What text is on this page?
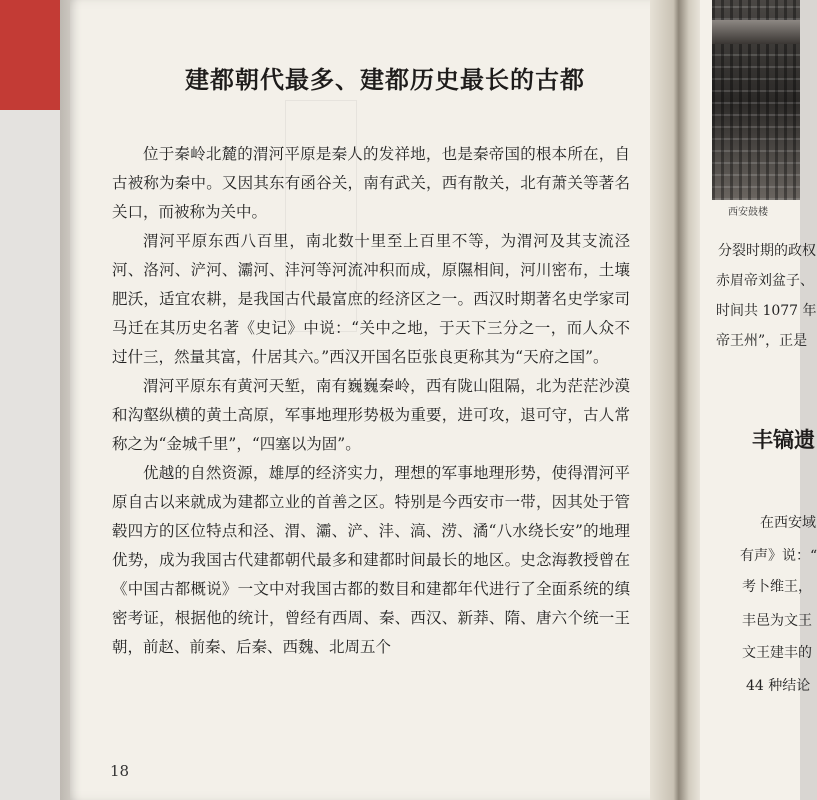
建都朝代最多、建都历史最长的古都

位于秦岭北麓的渭河平原是秦人的发祥地，也是秦帝国的根本所在，自古被称为秦中。又因其东有函谷关，南有武关，西有散关，北有萧关等著名关口，而被称为关中。

渭河平原东西八百里，南北数十里至上百里不等，为渭河及其支流泾河、洛河、浐河、灞河、沣河等河流冲积而成，原隰相间，河川密布，土壤肥沃，适宜农耕，是我国古代最富庶的经济区之一。西汉时期著名史学家司马迁在其历史名著《史记》中说：“关中之地，于天下三分之一，而人众不过什三，然量其富，什居其六。”西汉开国名臣张良更称其为“天府之国”。

渭河平原东有黄河天堑，南有巍巍秦岭，西有陇山阻隔，北为茫茫沙漠和沟壑纵横的黄土高原，军事地理形势极为重要，进可攻，退可守，古人常称之为“金城千里”，“四塞以为固”。

优越的自然资源，雄厚的经济实力，理想的军事地理形势，使得渭河平原自古以来就成为建都立业的首善之区。特别是今西安市一带，因其处于管毂四方的区位特点和泾、渭、灞、浐、沣、滈、涝、潏“八水绕长安”的地理优势，成为我国古代建都朝代最多和建都时间最长的地区。史念海教授曾在《中国古都概说》一文中对我国古都的数目和建都年代进行了全面系统的缜密考证，根据他的统计，曾经有西周、秦、西汉、新莽、隋、唐六个统一王朝，前赵、前秦、后秦、西魏、北周五个

18
西安鼓楼
分裂时期的政权
赤眉帝刘盆子、
时间共 1077 年
帝王州”，正是
丰镐遗
在西安域
有声》说：“
考卜维王，
丰邑为文王
文王建丰的
44 种结论
